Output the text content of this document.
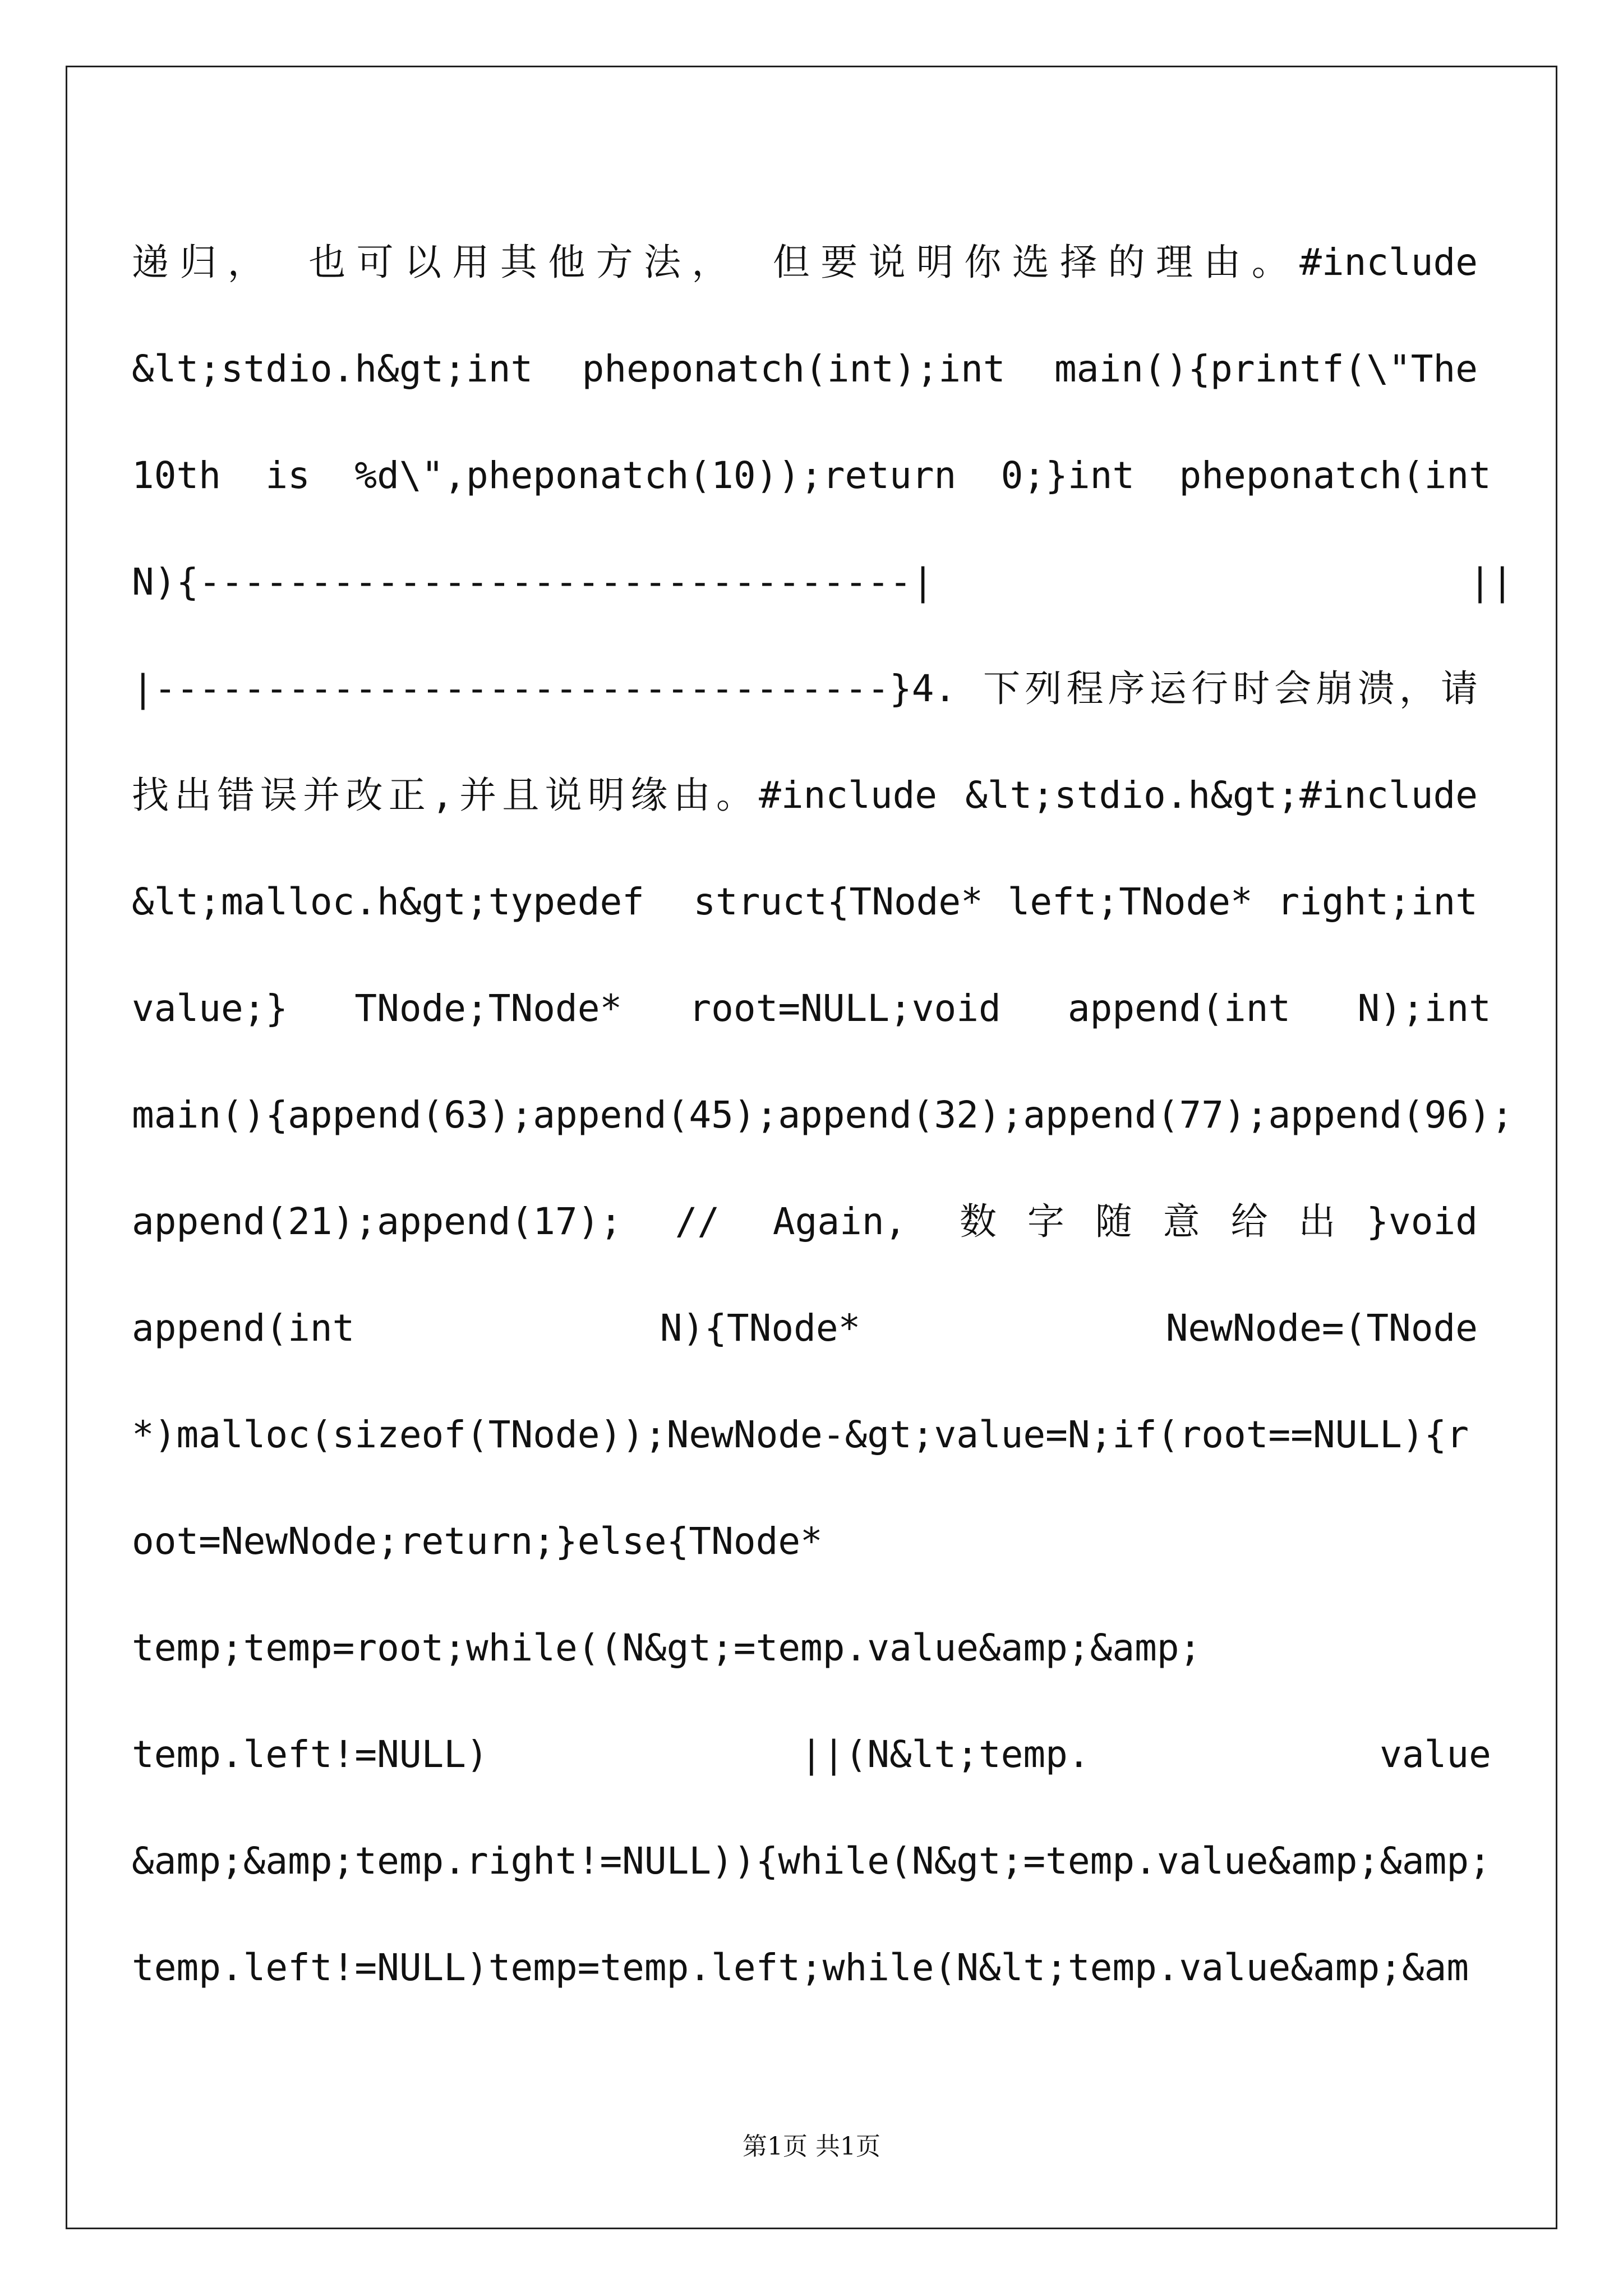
递归， 也可以用其他方法， 但要说明你选择的理由。#include
&lt;stdio.h&gt;int  pheponatch(int);int  main(){printf(\"The
10th  is  %d\",pheponatch(10));return  0;}int  pheponatch(int
N){--------------------------------|                        ||
|---------------------------------}4. 下列程序运行时会崩溃，请
找出错误并改正,并且说明缘由。#include &lt;stdio.h&gt;#include
&lt;malloc.h&gt;typedef  struct{TNode* left;TNode* right;int
value;}   TNode;TNode*   root=NULL;void   append(int   N);int
main(){append(63);append(45);append(32);append(77);append(96);
append(21);append(17);  //  Again,  数 字 随 意 给 出 }void
append(int            N){TNode*            NewNode=(TNode
*)malloc(sizeof(TNode));NewNode-&gt;value=N;if(root==NULL){r
oot=NewNode;return;}else{TNode*
temp;temp=root;while((N&gt;=temp.value&amp;&amp;
temp.left!=NULL)              ||(N&lt;temp.             value
&amp;&amp;temp.right!=NULL)){while(N&gt;=temp.value&amp;&amp;
temp.left!=NULL)temp=temp.left;while(N&lt;temp.value&amp;&am
第1页 共1页
